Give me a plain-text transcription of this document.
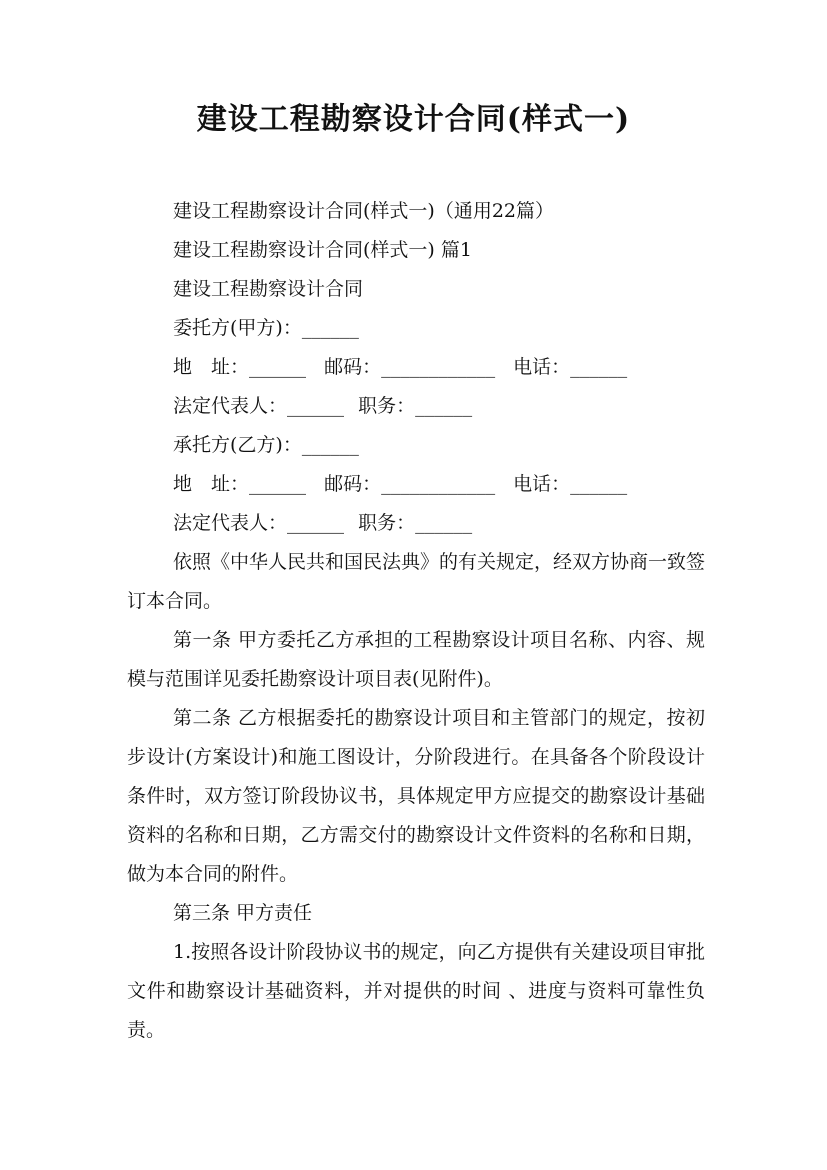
建设工程勘察设计合同(样式一)

建设工程勘察设计合同(样式一)（通用22篇）

建设工程勘察设计合同(样式一) 篇1

建设工程勘察设计合同

委托方(甲方)：______

地　址：______ 邮码：____________ 电话：______

法定代表人：______ 职务：______

承托方(乙方)：______

地　址：______ 邮码：____________ 电话：______

法定代表人：______ 职务：______

依照《中华人民共和国民法典》的有关规定，经双方协商一致签订本合同。

第一条 甲方委托乙方承担的工程勘察设计项目名称、内容、规模与范围详见委托勘察设计项目表(见附件)。

第二条 乙方根据委托的勘察设计项目和主管部门的规定，按初步设计(方案设计)和施工图设计，分阶段进行。在具备各个阶段设计条件时，双方签订阶段协议书，具体规定甲方应提交的勘察设计基础资料的名称和日期，乙方需交付的勘察设计文件资料的名称和日期，做为本合同的附件。

第三条 甲方责任

1.按照各设计阶段协议书的规定，向乙方提供有关建设项目审批文件和勘察设计基础资料，并对提供的时间 、进度与资料可靠性负责。
